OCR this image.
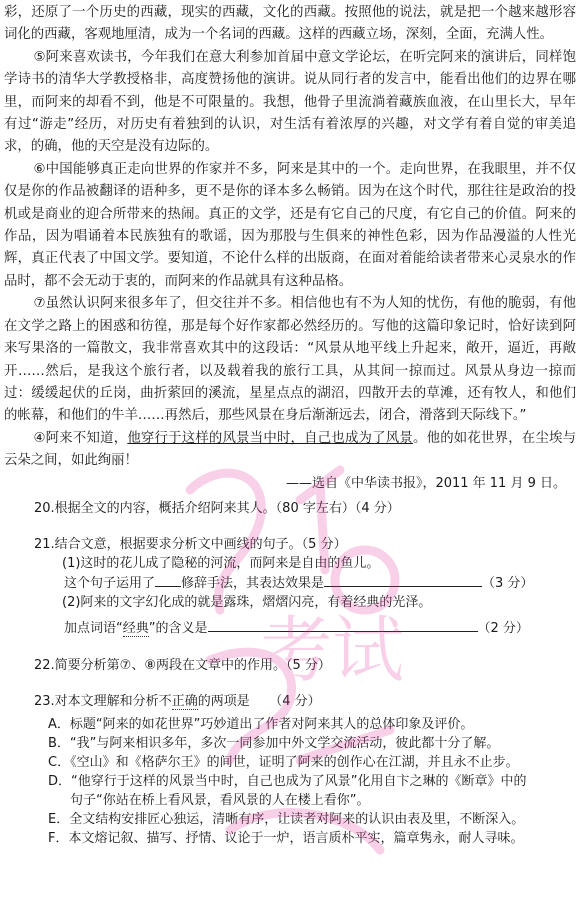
彩，还原了一个历史的西藏，现实的西藏，文化的西藏。按照他的说法，就是把一个越来越形容词化的西藏，客观地厘清，成为一个名词的西藏。这样的西藏立场，深刻，全面，充满人性。

⑤阿来喜欢读书，今年我们在意大利参加首届中意文学论坛，在听完阿来的演讲后，同样饱学诗书的清华大学教授格非，高度赞扬他的演讲。说从同行者的发言中，能看出他们的边界在哪里，而阿来的却看不到，他是不可限量的。我想，他骨子里流淌着藏族血液，在山里长大，早年有过“游走”经历，对历史有着独到的认识，对生活有着浓厚的兴趣，对文学有着自觉的审美追求，的确，他的天空是没有边际的。

⑥中国能够真正走向世界的作家并不多，阿来是其中的一个。走向世界，在我眼里，并不仅仅是你的作品被翻译的语种多，更不是你的译本多么畅销。因为在这个时代，那往往是政治的投机或是商业的迎合所带来的热闹。真正的文学，还是有它自己的尺度，有它自己的价值。阿来的作品，因为唱诵着本民族独有的歌谣，因为那股与生俱来的神性色彩，因为作品漫溢的人性光辉，真正代表了中国文学。要知道，不论什么样的出版商，在面对着能给读者带来心灵泉水的作品时，都不会无动于衷的，而阿来的作品就具有这种品格。

⑦虽然认识阿来很多年了，但交往并不多。相信他也有不为人知的忧伤，有他的脆弱，有他在文学之路上的困惑和彷徨，那是每个好作家都必然经历的。写他的这篇印象记时，恰好读到阿来写果洛的一篇散文，我非常喜欢其中的这段话：“风景从地平线上升起来，敞开，逼近，再敞开……然后，是我这个旅行者，以及载着我的旅行工具，从其间一掠而过。风景从身边一掠而过：缓缓起伏的丘岗，曲折萦回的溪流，星星点点的湖沼，四散开去的草滩，还有牧人，和他们的帐幕，和他们的牛羊……再然后，那些风景在身后渐渐远去，闭合，滑落到天际线下。”

④阿来不知道，他穿行于这样的风景当中时，自己也成为了风景。他的如花世界，在尘埃与云朵之间，如此绚丽！

——选自《中华读书报》，2011 年 11 月 9 日。

20.根据全文的内容，概括介绍阿来其人。（80 字左右）（4 分）

21.结合文意，根据要求分析文中画线的句子。（5 分）

(1)这时的花儿成了隐秘的河流，而阿来是自由的鱼儿。

这个句子运用了 修辞手法，其表达效果是	（3 分）

(2)阿来的文字幻化成的就是露珠，熠熠闪亮，有着经典的光泽。

加点词语“经典”的含义是	（2 分）

22.简要分析第⑦、⑧两段在文章中的作用。（5 分）

23.对本文理解和分析不正确的两项是　　（4 分）

A．标题“阿来的如花世界”巧妙道出了作者对阿来其人的总体印象及评价。

B．“我”与阿来相识多年，多次一同参加中外文学交流活动，彼此都十分了解。

C．《空山》和《格萨尔王》的间世，证明了阿来的创作心在江湖，并且永不止步。

D．“他穿行于这样的风景当中时，自己也成为了风景”化用自卞之琳的《断章》中的

句子“你站在桥上看风景，看风景的人在楼上看你”。

E．全文结构安排匠心独运，清晰有序，让读者对阿来的认识由表及里，不断深入。

F．本文熔记叙、描写、抒情、议论于一炉，语言质朴平实，篇章隽永，耐人寻味。

考试
